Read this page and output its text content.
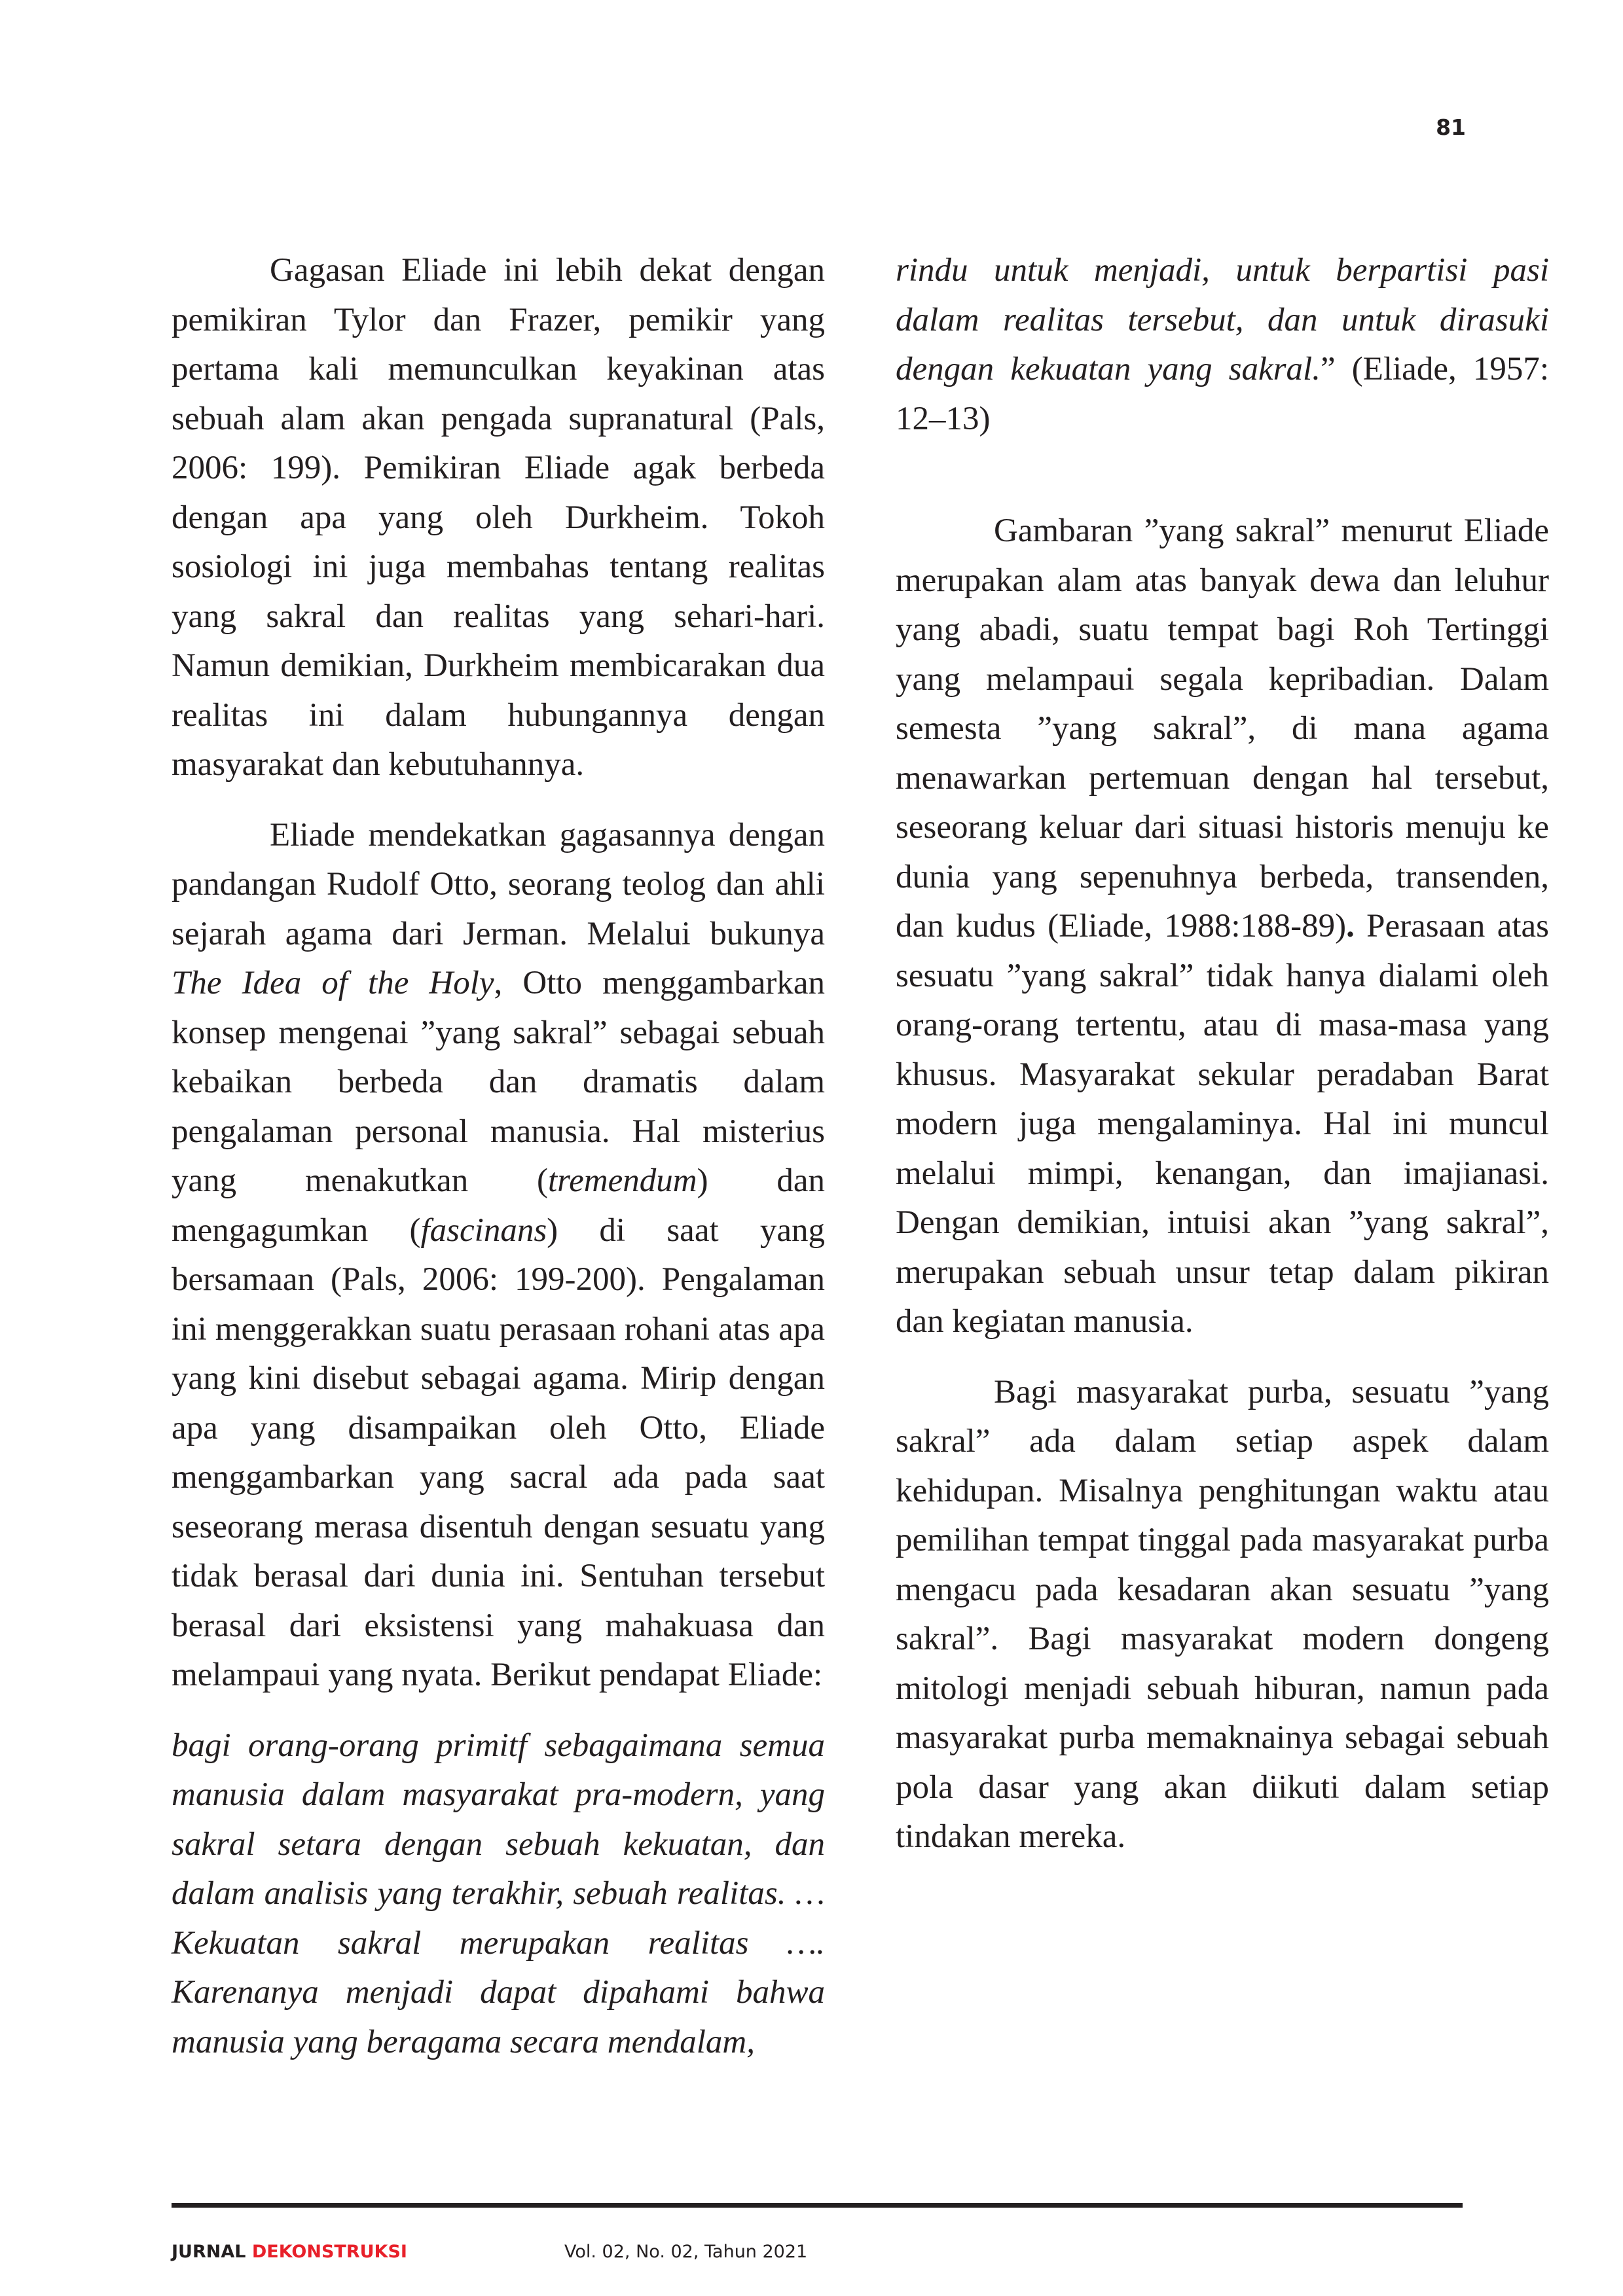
81

Gagasan Eliade ini lebih dekat dengan pemikiran Tylor dan Frazer, pemikir yang pertama kali memunculkan keyakinan atas sebuah alam akan pengada supranatural (Pals, 2006: 199). Pemikiran Eliade agak berbeda dengan apa yang oleh Durkheim. Tokoh sosiologi ini juga membahas tentang realitas yang sakral dan realitas yang sehari-hari. Namun demikian, Durkheim membicarakan dua realitas ini dalam hubungannya dengan masyarakat dan kebutuhannya.

Eliade mendekatkan gagasannya dengan pandangan Rudolf Otto, seorang teolog dan ahli sejarah agama dari Jerman. Melalui bukunya The Idea of the Holy, Otto menggambarkan konsep mengenai ”yang sakral” sebagai sebuah kebaikan berbeda dan dramatis dalam pengalaman personal manusia. Hal misterius yang menakutkan (tremendum) dan mengagumkan (fascinans) di saat yang bersamaan (Pals, 2006: 199-200). Pengalaman ini menggerakkan suatu perasaan rohani atas apa yang kini disebut sebagai agama. Mirip dengan apa yang disampaikan oleh Otto, Eliade menggambarkan yang sacral ada pada saat seseorang merasa disentuh dengan sesuatu yang tidak berasal dari dunia ini. Sentuhan tersebut berasal dari eksistensi yang mahakuasa dan melampaui yang nyata. Berikut pendapat Eliade:

bagi orang-orang primitf sebagaimana semua manusia dalam masyarakat pra-modern, yang sakral setara dengan sebuah kekuatan, dan dalam analisis yang terakhir, sebuah realitas. … Kekuatan sakral merupakan realitas …. Karenanya menjadi dapat dipahami bahwa manusia yang beragama secara mendalam,

rindu untuk menjadi, untuk berpartisi pasi dalam realitas tersebut, dan untuk dirasuki dengan kekuatan yang sakral.” (Eliade, 1957: 12–13)

Gambaran ”yang sakral” menurut Eliade merupakan alam atas banyak dewa dan leluhur yang abadi, suatu tempat bagi Roh Tertinggi yang melampaui segala kepribadian. Dalam semesta ”yang sakral”, di mana agama menawarkan pertemuan dengan hal tersebut, seseorang keluar dari situasi historis menuju ke dunia yang sepenuhnya berbeda, transenden, dan kudus (Eliade, 1988:188-89). Perasaan atas sesuatu ”yang sakral” tidak hanya dialami oleh orang-orang tertentu, atau di masa-masa yang khusus. Masyarakat sekular peradaban Barat modern juga mengalaminya. Hal ini muncul melalui mimpi, kenangan, dan imajianasi. Dengan demikian, intuisi akan ”yang sakral”, merupakan sebuah unsur tetap dalam pikiran dan kegiatan manusia.

Bagi masyarakat purba, sesuatu ”yang sakral” ada dalam setiap aspek dalam kehidupan. Misalnya penghitungan waktu atau pemilihan tempat tinggal pada masyarakat purba mengacu pada kesadaran akan sesuatu ”yang sakral”. Bagi masyarakat modern dongeng mitologi menjadi sebuah hiburan, namun pada masyarakat purba memaknainya sebagai sebuah pola dasar yang akan diikuti dalam setiap tindakan mereka.

JURNAL DEKONSTRUKSI	Vol. 02, No. 02, Tahun 2021
